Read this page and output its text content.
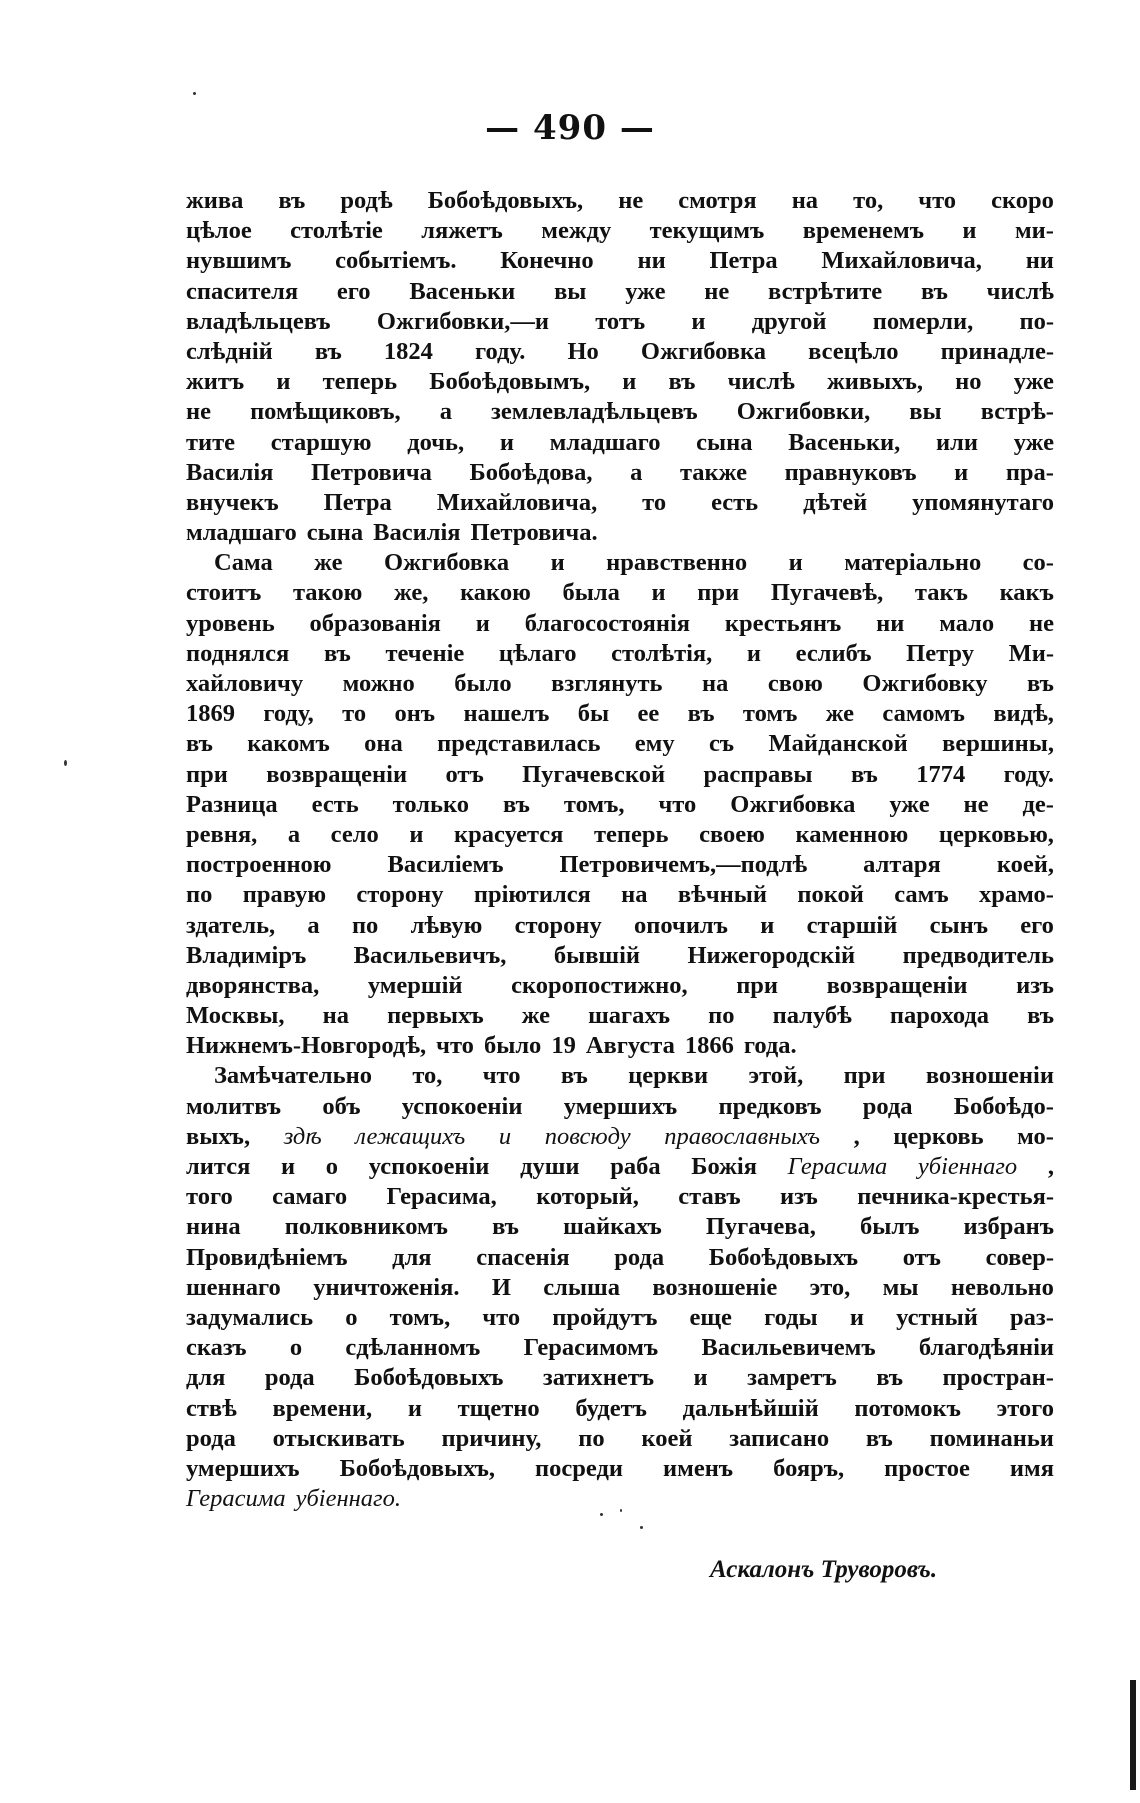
— 490 —
жива въ родѣ Бобоѣдовыхъ, не смотря на то, что скоро
цѣлое столѣтіе ляжетъ между текущимъ временемъ и ми-
нувшимъ событіемъ. Конечно ни Петра Михайловича, ни
спасителя его Васеньки вы уже не встрѣтите въ числѣ
владѣльцевъ Ожгибовки,—и тотъ и другой померли, по-
слѣдній въ 1824 году. Но Ожгибовка всецѣло принадле-
житъ и теперь Бобоѣдовымъ, и въ числѣ живыхъ, но уже
не помѣщиковъ, а землевладѣльцевъ Ожгибовки, вы встрѣ-
тите старшую дочь, и младшаго сына Васеньки, или уже
Василія Петровича Бобоѣдова, а также правнуковъ и пра-
внучекъ Петра Михайловича, то есть дѣтей упомянутаго
младшаго сына Василія Петровича.
Сама же Ожгибовка и нравственно и матеріально со-
стоитъ такою же, какою была и при Пугачевѣ, такъ какъ
уровень образованія и благосостоянія крестьянъ ни мало не
поднялся въ теченіе цѣлаго столѣтія, и еслибъ Петру Ми-
хайловичу можно было взглянуть на свою Ожгибовку въ
1869 году, то онъ нашелъ бы ее въ томъ же самомъ видѣ,
въ какомъ она представилась ему съ Майданской вершины,
при возвращеніи отъ Пугачевской расправы въ 1774 году.
Разница есть только въ томъ, что Ожгибовка уже не де-
ревня, а село и красуется теперь своею каменною церковью,
построенною Василіемъ Петровичемъ,—подлѣ алтаря коей,
по правую сторону пріютился на вѣчный покой самъ храмо-
здатель, а по лѣвую сторону опочилъ и старшій сынъ его
Владиміръ Васильевичъ, бывшій Нижегородскій предводитель
дворянства, умершій скоропостижно, при возвращеніи изъ
Москвы, на первыхъ же шагахъ по палубѣ парохода въ
Нижнемъ-Новгородѣ, что было 19 Августа 1866 года.
Замѣчательно то, что въ церкви этой, при возношеніи
молитвъ объ успокоеніи умершихъ предковъ рода Бобоѣдо-
выхъ, здѣ лежащихъ и повсюду православныхъ , церковь мо-
лится и о успокоеніи души раба Божія Герасима убіеннаго ,
того самаго Герасима, который, ставъ изъ печника-крестья-
нина полковникомъ въ шайкахъ Пугачева, былъ избранъ
Провидѣніемъ для спасенія рода Бобоѣдовыхъ отъ совер-
шеннаго уничтоженія. И слыша возношеніе это, мы невольно
задумались о томъ, что пройдутъ еще годы и устный раз-
сказъ о сдѣланномъ Герасимомъ Васильевичемъ благодѣяніи
для рода Бобоѣдовыхъ затихнетъ и замретъ въ простран-
ствѣ времени, и тщетно будетъ дальнѣйшій потомокъ этого
рода отыскивать причину, по коей записано въ поминаньи
умершихъ Бобоѣдовыхъ, посреди именъ бояръ, простое имя
Герасима убіеннаго.
Аскалонъ Труворовъ.
